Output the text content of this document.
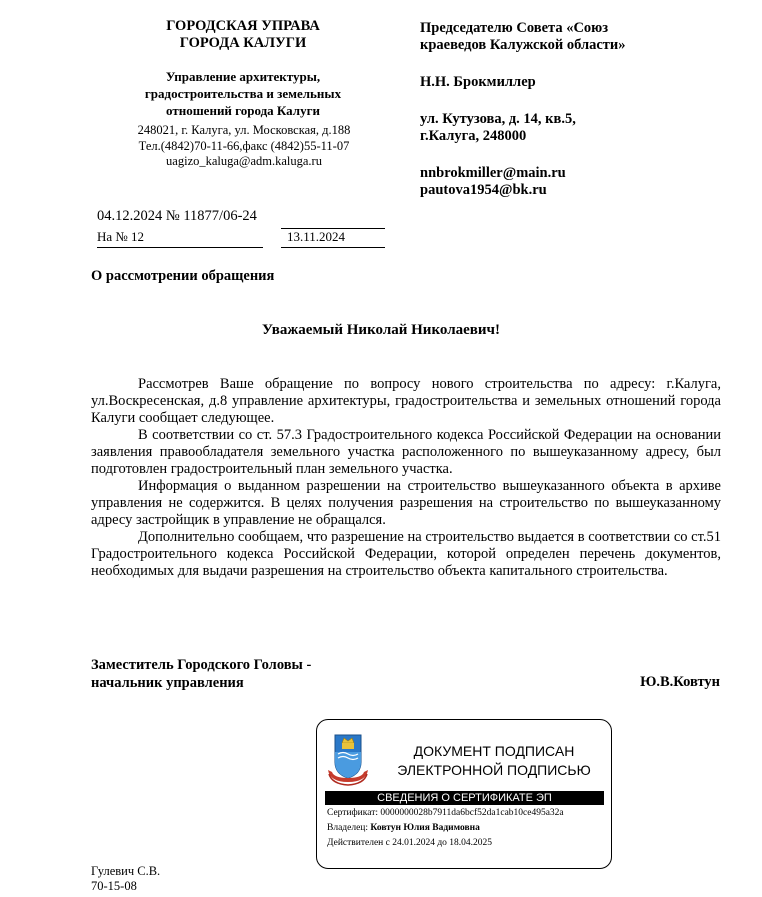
ГОРОДСКАЯ УПРАВА
ГОРОДА КАЛУГИ
Управление архитектуры,
градостроительства и земельных
отношений города Калуги
248021, г. Калуга, ул. Московская, д.188
Тел.(4842)70-11-66,факс (4842)55-11-07
uagizo_kaluga@adm.kaluga.ru
Председателю Совета «Союз
краеведов Калужской области»
Н.Н. Брокмиллер
ул. Кутузова, д. 14, кв.5,
г.Калуга, 248000
nnbrokmiller@main.ru
pautova1954@bk.ru
04.12.2024 № 11877/06-24
На № 12	13.11.2024
О рассмотрении обращения
Уважаемый Николай Николаевич!

Рассмотрев Ваше обращение по вопросу нового строительства по адресу: г.Калуга, ул.Воскресенская, д.8 управление архитектуры, градостроительства и земельных отношений города Калуги сообщает следующее.

В соответствии со ст. 57.3 Градостроительного кодекса Российской Федерации на основании заявления правообладателя земельного участка расположенного по вышеуказанному адресу, был подготовлен градостроительный план земельного участка.

Информация о выданном разрешении на строительство вышеуказанного объекта в архиве управления не содержится. В целях получения разрешения на строительство по вышеуказанному адресу застройщик в управление не обращался.

Дополнительно сообщаем, что разрешение на строительство выдается в соответствии со ст.51 Градостроительного кодекса Российской Федерации, которой определен перечень документов, необходимых для выдачи разрешения на строительство объекта капитального строительства.

Заместитель Городского Головы -
начальник управления	Ю.В.Ковтун
ДОКУМЕНТ ПОДПИСАН
ЭЛЕКТРОННОЙ ПОДПИСЬЮ
СВЕДЕНИЯ О СЕРТИФИКАТЕ ЭП
Сертификат: 0000000028b7911da6bcf52da1cab10ce495a32a
Владелец: Ковтун Юлия Вадимовна
Действителен с 24.01.2024 до 18.04.2025
Гулевич С.В.
70-15-08
